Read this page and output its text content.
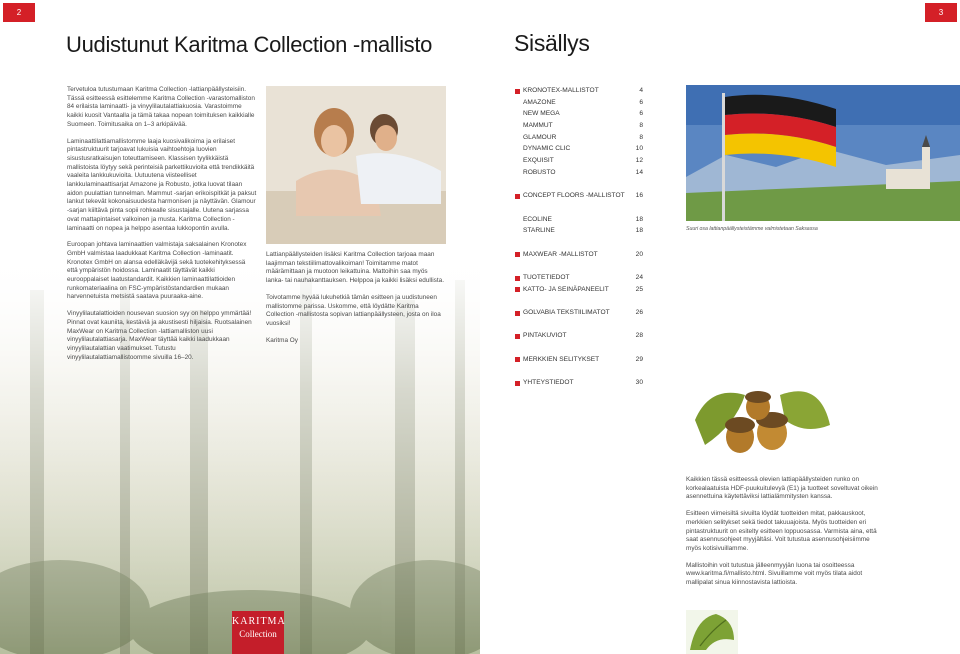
2	3
Uudistunut Karitma Collection -mallisto	Sisällys

Tervetuloa tutustumaan Karitma Collection -lattianpäällysteisiin. Tässä esitteessä esittelemme Karitma Collection -varastomalliston 84 erilaista laminaatti- ja vinyylilautalattiakuosia. Varastoimme kaikki kuosit Vantaalla ja tämä takaa nopean toimituksen kaikkialle Suomeen. Toimitusaika on 1–3 arkipäivää.

Laminaattilattiamallistomme laaja kuosivalikoima ja erilaiset pintastruktuurit tarjoavat lukuisia vaihtoehtoja luovien sisustusratkaisujen toteuttamiseen. Klassisen tyylikkäistä mallistoista löytyy sekä perinteisiä parkettikuvioita että trendikkäitä vaaleita lankkukuvioita. Uutuutena viisteelliset lankkulaminaattisarjat Amazone ja Robusto, jotka luovat tilaan aidon puulattian tunnelman. Mammut -sarjan erikoispitkät ja paksut lankut tekevät kokonaisuudesta harmonisen ja näyttävän. Glamour -sarjan kiiltävä pinta sopii rohkealle sisustajalle. Uutena sarjassa ovat mattapintaiset valkoinen ja musta. Karitma Collection -laminaatti on nopea ja helppo asentaa lukkopontin avulla.

Euroopan johtava laminaattien valmistaja saksalainen Kronotex GmbH valmistaa laadukkaat Karitma Collection -laminaatit. Kronotex GmbH on alansa edelläkävijä sekä tuotekehityksessä että ympäristön hoidossa. Laminaatit täyttävät kaikki eurooppalaiset laatustandardit. Kaikkien laminaattilattioiden runkomateriaalina on FSC-ympäristöstandardien mukaan harvennetuista metsistä saatava puuraaka-aine.

Vinyylilautalattioiden nousevan suosion syy on helppo ymmärtää! Pinnat ovat kauniita, kestäviä ja akustisesti hiljaisia. Ruotsalainen MaxWear on Karitma Collection -lattiamalliston uusi vinyylilautalattiasarja. MaxWear täyttää kaikki laadukkaan vinyylilautalattian vaatimukset. Tutustu vinyylilautalattiamallistoomme sivuilla 16–20.

Lattianpäällysteiden lisäksi Karitma Collection tarjoaa maan laajimman tekstiilimattovalikoiman! Toimitamme matot määrämittaan ja muotoon leikattuina. Mattoihin saa myös lanka- tai nauhakanttauksen. Helppoa ja kaikki lisäksi edullista.

Toivotamme hyvää lukuhetkiä tämän esitteen ja uudistuneen mallistomme parissa. Uskomme, että löydätte Karitma Collection -mallistosta sopivan lattianpäällysteen, josta on iloa vuosiksi!

Karitma Oy

KARITMA
Collection
KRONOTEX-MALLISTOT	4
AMAZONE	6
NEW MEGA	6
MAMMUT	8
GLAMOUR	8
DYNAMIC CLIC	10
EXQUISIT	12
ROBUSTO	14
CONCEPT FLOORS -MALLISTOT 16
ECOLINE	18
STARLINE	18
MAXWEAR -MALLISTOT	20
TUOTETIEDOT	24
KATTO- JA SEINÄPANEELIT	25
GOLVABIA TEKSTIILIMATOT	26
PINTAKUVIOT	28
MERKKIEN SELITYKSET	29
YHTEYSTIEDOT	30
Suuri osa lattianpäällysteistämme valmistetaan Saksassa

Kaikkien tässä esitteessä olevien lattiapäällysteiden runko on korkealaatuista HDF-puukuitulevyä (E1) ja tuotteet soveltuvat oikein asennettuina käytettäviksi lattialämmitysten kanssa.

Esitteen viimeisiltä sivuilta löydät tuotteiden mitat, pakkauskoot, merkkien selitykset sekä tiedot takuuajoista. Myös tuotteiden eri pintastruktuurit on esitelty esitteen loppuosassa. Varmista aina, että saat asennusohjeet myyjältäsi. Voit tutustua asennusohjeisiimme myös kotisivuillamme.

Mallistoihin voit tutustua jälleenmyyjän luona tai osoitteessa www.karitma.fi/mallisto.html. Sivuillamme voit myös tilata aidot mallipalat sinua kiinnostavista lattioista.
